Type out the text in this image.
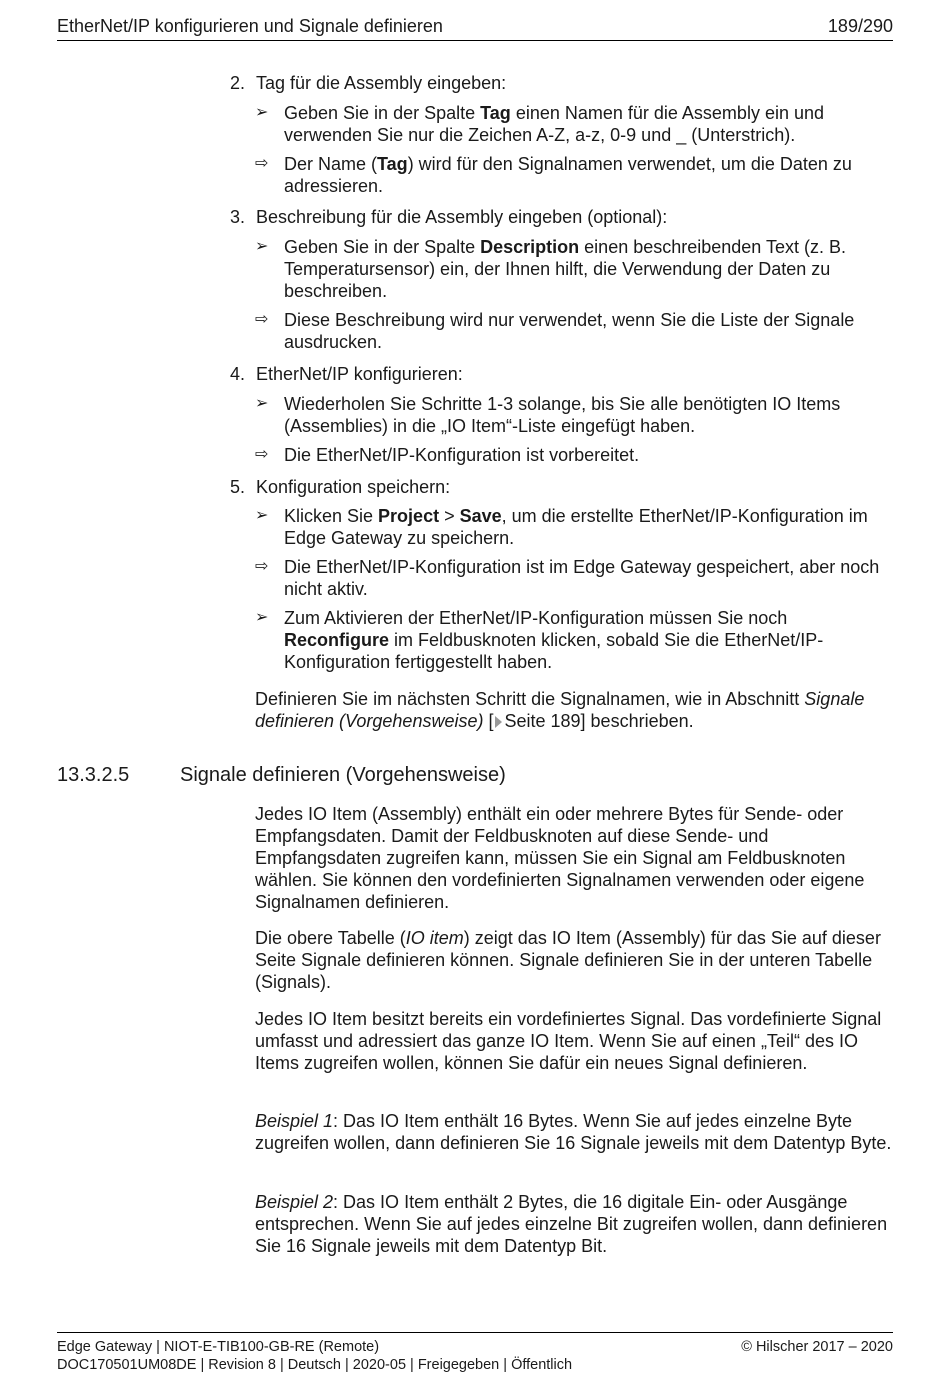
EtherNet/IP konfigurieren und Signale definieren	189/290
2. Tag für die Assembly eingeben:
➢ Geben Sie in der Spalte Tag einen Namen für die Assembly ein und verwenden Sie nur die Zeichen A-Z, a-z, 0-9 und _ (Unterstrich).
⇨ Der Name (Tag) wird für den Signalnamen verwendet, um die Daten zu adressieren.
3. Beschreibung für die Assembly eingeben (optional):
➢ Geben Sie in der Spalte Description einen beschreibenden Text (z. B. Temperatursensor) ein, der Ihnen hilft, die Verwendung der Daten zu beschreiben.
⇨ Diese Beschreibung wird nur verwendet, wenn Sie die Liste der Signale ausdrucken.
4. EtherNet/IP konfigurieren:
➢ Wiederholen Sie Schritte 1-3 solange, bis Sie alle benötigten IO Items (Assemblies) in die „IO Item“-Liste eingefügt haben.
⇨ Die EtherNet/IP-Konfiguration ist vorbereitet.
5. Konfiguration speichern:
➢ Klicken Sie Project > Save, um die erstellte EtherNet/IP-Konfiguration im Edge Gateway zu speichern.
⇨ Die EtherNet/IP-Konfiguration ist im Edge Gateway gespeichert, aber noch nicht aktiv.
➢ Zum Aktivieren der EtherNet/IP-Konfiguration müssen Sie noch Reconfigure im Feldbusknoten klicken, sobald Sie die EtherNet/IP-Konfiguration fertiggestellt haben.
Definieren Sie im nächsten Schritt die Signalnamen, wie in Abschnitt Signale definieren (Vorgehensweise) [ Seite 189] beschrieben.
13.3.2.5	Signale definieren (Vorgehensweise)
Jedes IO Item (Assembly) enthält ein oder mehrere Bytes für Sende- oder Empfangsdaten. Damit der Feldbusknoten auf diese Sende- und Empfangsdaten zugreifen kann, müssen Sie ein Signal am Feldbusknoten wählen. Sie können den vordefinierten Signalnamen verwenden oder eigene Signalnamen definieren.
Die obere Tabelle (IO item) zeigt das IO Item (Assembly) für das Sie auf dieser Seite Signale definieren können. Signale definieren Sie in der unteren Tabelle (Signals).
Jedes IO Item besitzt bereits ein vordefiniertes Signal. Das vordefinierte Signal umfasst und adressiert das ganze IO Item. Wenn Sie auf einen „Teil“ des IO Items zugreifen wollen, können Sie dafür ein neues Signal definieren.
Beispiel 1: Das IO Item enthält 16 Bytes. Wenn Sie auf jedes einzelne Byte zugreifen wollen, dann definieren Sie 16 Signale jeweils mit dem Datentyp Byte.
Beispiel 2: Das IO Item enthält 2 Bytes, die 16 digitale Ein- oder Ausgänge entsprechen. Wenn Sie auf jedes einzelne Bit zugreifen wollen, dann definieren Sie 16 Signale jeweils mit dem Datentyp Bit.
Edge Gateway | NIOT-E-TIB100-GB-RE (Remote)
DOC170501UM08DE | Revision 8 | Deutsch | 2020-05 | Freigegeben | Öffentlich
© Hilscher 2017 – 2020
